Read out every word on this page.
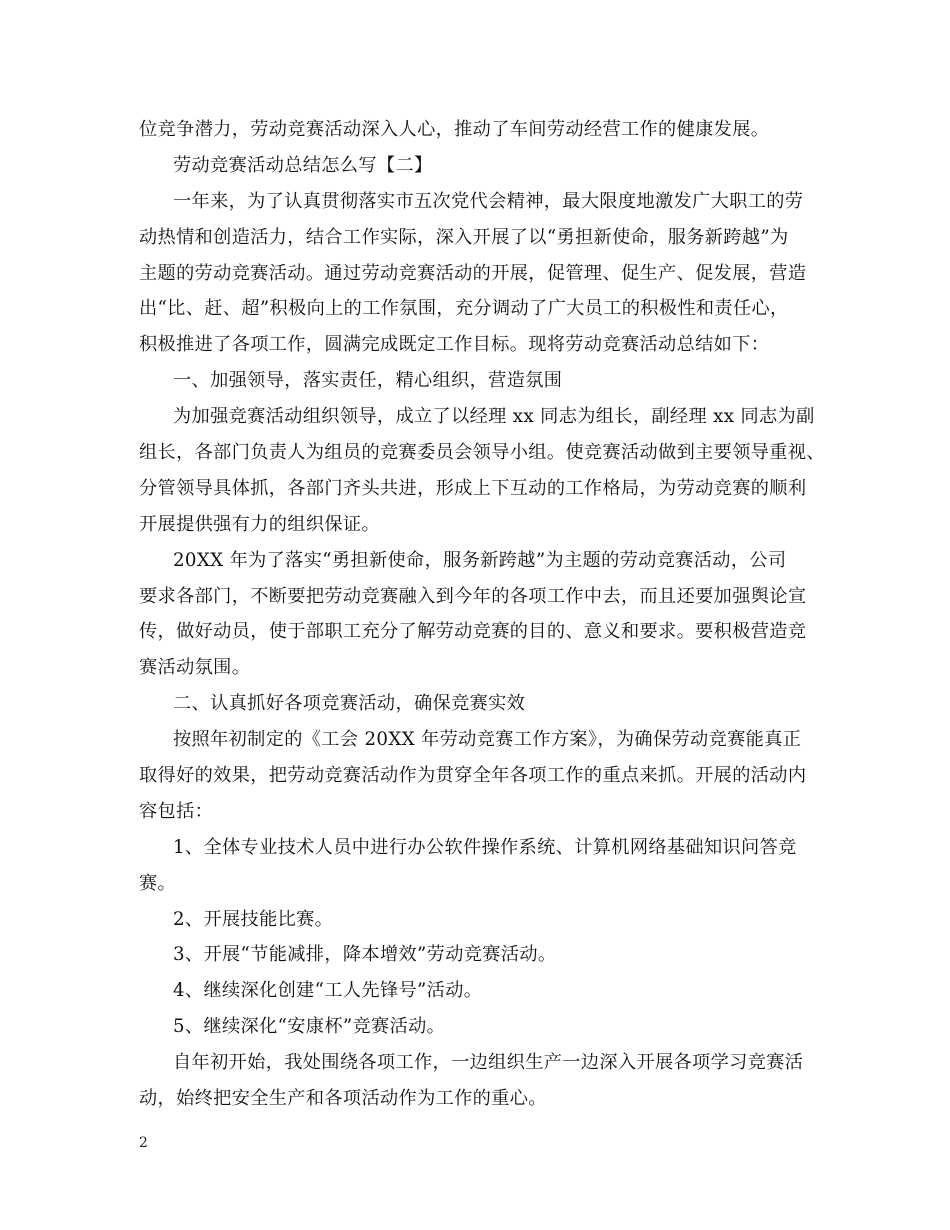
位竞争潜力，劳动竞赛活动深入人心，推动了车间劳动经营工作的健康发展。
劳动竞赛活动总结怎么写【二】
一年来，为了认真贯彻落实市五次党代会精神，最大限度地激发广大职工的劳
动热情和创造活力，结合工作实际，深入开展了以“勇担新使命，服务新跨越”为
主题的劳动竞赛活动。通过劳动竞赛活动的开展，促管理、促生产、促发展，营造
出“比、赶、超”积极向上的工作氛围，充分调动了广大员工的积极性和责任心，
积极推进了各项工作，圆满完成既定工作目标。现将劳动竞赛活动总结如下：
一、加强领导，落实责任，精心组织，营造氛围
为加强竞赛活动组织领导，成立了以经理 xx 同志为组长，副经理 xx 同志为副
组长，各部门负责人为组员的竞赛委员会领导小组。使竞赛活动做到主要领导重视、
分管领导具体抓，各部门齐头共进，形成上下互动的工作格局，为劳动竞赛的顺利
开展提供强有力的组织保证。
20XX 年为了落实“勇担新使命，服务新跨越”为主题的劳动竞赛活动，公司
要求各部门，不断要把劳动竞赛融入到今年的各项工作中去，而且还要加强舆论宣
传，做好动员，使于部职工充分了解劳动竞赛的目的、意义和要求。要积极营造竞
赛活动氛围。
二、认真抓好各项竞赛活动，确保竞赛实效
按照年初制定的《工会 20XX 年劳动竞赛工作方案》，为确保劳动竞赛能真正
取得好的效果，把劳动竞赛活动作为贯穿全年各项工作的重点来抓。开展的活动内
容包括：
1、全体专业技术人员中进行办公软件操作系统、计算机网络基础知识问答竞
赛。
2、开展技能比赛。
3、开展“节能减排，降本增效”劳动竞赛活动。
4、继续深化创建“工人先锋号”活动。
5、继续深化“安康杯”竞赛活动。
自年初开始，我处围绕各项工作，一边组织生产一边深入开展各项学习竞赛活
动，始终把安全生产和各项活动作为工作的重心。
2
